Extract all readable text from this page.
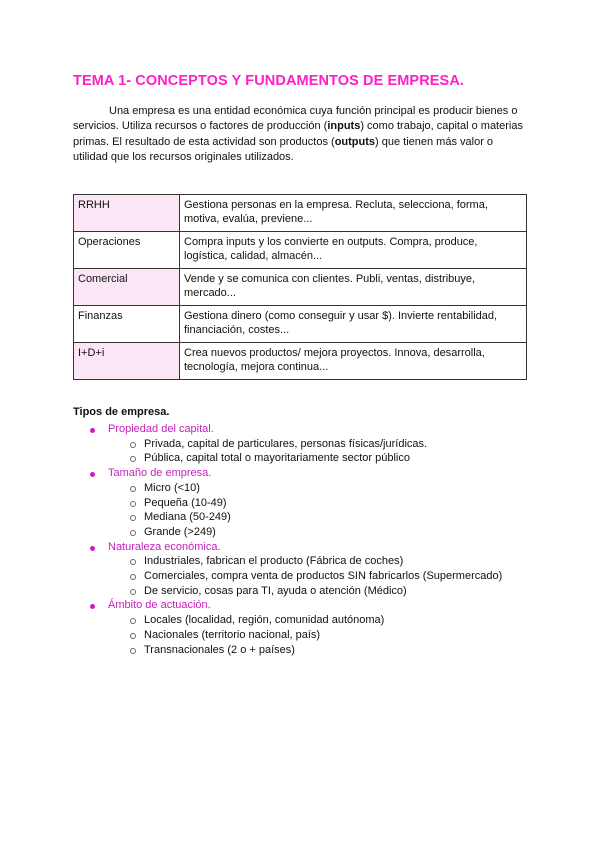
TEMA 1- CONCEPTOS Y FUNDAMENTOS DE EMPRESA.

Una empresa es una entidad económica cuya función principal es producir bienes o servicios. Utiliza recursos o factores de producción (inputs) como trabajo, capital o materias primas. El resultado de esta actividad son productos (outputs) que tienen más valor o utilidad que los recursos originales utilizados.

RRHH	Gestiona personas en la empresa. Recluta, selecciona, forma, motiva, evalúa, previene...
Operaciones	Compra inputs y los convierte en outputs. Compra, produce, logística, calidad, almacén...
Comercial	Vende y se comunica con clientes. Publi, ventas, distribuye, mercado...
Finanzas	Gestiona dinero (como conseguir y usar $). Invierte rentabilidad, financiación, costes...
I+D+i	Crea nuevos productos/ mejora proyectos. Innova, desarrolla, tecnología, mejora continua...
Tipos de empresa.
Propiedad del capital.
Privada, capital de particulares, personas físicas/jurídicas.
Pública, capital total o mayoritariamente sector público
Tamaño de empresa.
Micro (<10)
Pequeña (10-49)
Mediana (50-249)
Grande (>249)
Naturaleza económica.
Industriales, fabrican el producto (Fábrica de coches)
Comerciales, compra venta de productos SIN fabricarlos (Supermercado)
De servicio, cosas para TI, ayuda o atención (Médico)
Ámbito de actuación.
Locales (localidad, región, comunidad autónoma)
Nacionales (territorio nacional, país)
Transnacionales (2 o + países)
